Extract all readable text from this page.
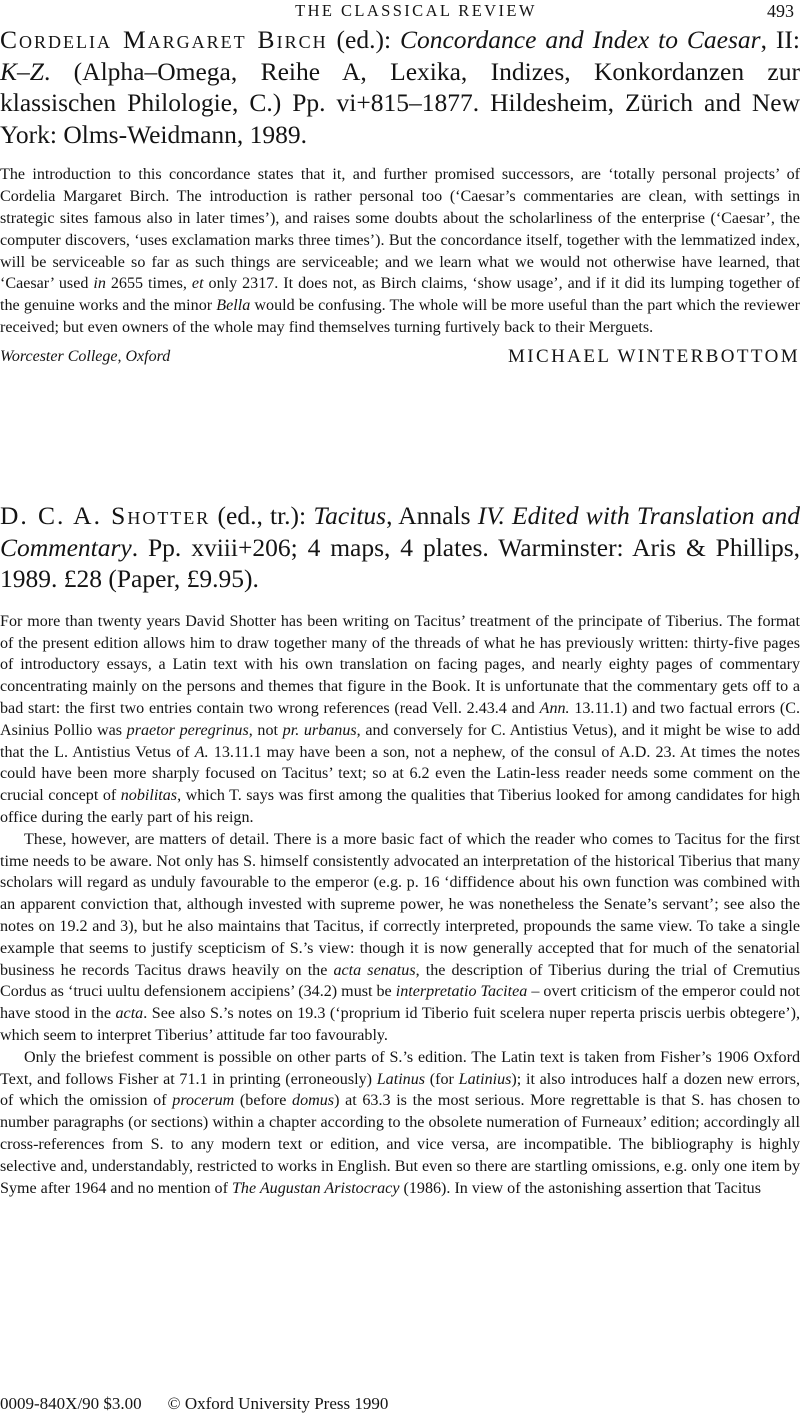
THE CLASSICAL REVIEW	493
Cordelia Margaret Birch (ed.): Concordance and Index to Caesar, II: K–Z. (Alpha–Omega, Reihe A, Lexika, Indizes, Konkordanzen zur klassischen Philologie, C.) Pp. vi+815–1877. Hildesheim, Zürich and New York: Olms-Weidmann, 1989.

The introduction to this concordance states that it, and further promised successors, are ‘totally personal projects’ of Cordelia Margaret Birch. The introduction is rather personal too (‘Caesar’s commentaries are clean, with settings in strategic sites famous also in later times’), and raises some doubts about the scholarliness of the enterprise (‘Caesar’, the computer discovers, ‘uses exclamation marks three times’). But the concordance itself, together with the lemmatized index, will be serviceable so far as such things are serviceable; and we learn what we would not otherwise have learned, that ‘Caesar’ used in 2655 times, et only 2317. It does not, as Birch claims, ‘show usage’, and if it did its lumping together of the genuine works and the minor Bella would be confusing. The whole will be more useful than the part which the reviewer received; but even owners of the whole may find themselves turning furtively back to their Merguets.

Worcester College, Oxford	MICHAEL WINTERBOTTOM
D. C. A. Shotter (ed., tr.): Tacitus, Annals IV. Edited with Translation and Commentary. Pp. xviii+206; 4 maps, 4 plates. Warminster: Aris & Phillips, 1989. £28 (Paper, £9.95).

For more than twenty years David Shotter has been writing on Tacitus’ treatment of the principate of Tiberius. The format of the present edition allows him to draw together many of the threads of what he has previously written: thirty-five pages of introductory essays, a Latin text with his own translation on facing pages, and nearly eighty pages of commentary concentrating mainly on the persons and themes that figure in the Book. It is unfortunate that the commentary gets off to a bad start: the first two entries contain two wrong references (read Vell. 2.43.4 and Ann. 13.11.1) and two factual errors (C. Asinius Pollio was praetor peregrinus, not pr. urbanus, and conversely for C. Antistius Vetus), and it might be wise to add that the L. Antistius Vetus of A. 13.11.1 may have been a son, not a nephew, of the consul of A.D. 23. At times the notes could have been more sharply focused on Tacitus’ text; so at 6.2 even the Latin-less reader needs some comment on the crucial concept of nobilitas, which T. says was first among the qualities that Tiberius looked for among candidates for high office during the early part of his reign.

These, however, are matters of detail. There is a more basic fact of which the reader who comes to Tacitus for the first time needs to be aware. Not only has S. himself consistently advocated an interpretation of the historical Tiberius that many scholars will regard as unduly favourable to the emperor (e.g. p. 16 ‘diffidence about his own function was combined with an apparent conviction that, although invested with supreme power, he was nonetheless the Senate’s servant’; see also the notes on 19.2 and 3), but he also maintains that Tacitus, if correctly interpreted, propounds the same view. To take a single example that seems to justify scepticism of S.’s view: though it is now generally accepted that for much of the senatorial business he records Tacitus draws heavily on the acta senatus, the description of Tiberius during the trial of Cremutius Cordus as ‘truci uultu defensionem accipiens’ (34.2) must be interpretatio Tacitea – overt criticism of the emperor could not have stood in the acta. See also S.’s notes on 19.3 (‘proprium id Tiberio fuit scelera nuper reperta priscis uerbis obtegere’), which seem to interpret Tiberius’ attitude far too favourably.

Only the briefest comment is possible on other parts of S.’s edition. The Latin text is taken from Fisher’s 1906 Oxford Text, and follows Fisher at 71.1 in printing (erroneously) Latinus (for Latinius); it also introduces half a dozen new errors, of which the omission of procerum (before domus) at 63.3 is the most serious. More regrettable is that S. has chosen to number paragraphs (or sections) within a chapter according to the obsolete numeration of Furneaux’ edition; accordingly all cross-references from S. to any modern text or edition, and vice versa, are incompatible. The bibliography is highly selective and, understandably, restricted to works in English. But even so there are startling omissions, e.g. only one item by Syme after 1964 and no mention of The Augustan Aristocracy (1986). In view of the astonishing assertion that Tacitus

0009-840X/90 $3.00 © Oxford University Press 1990
